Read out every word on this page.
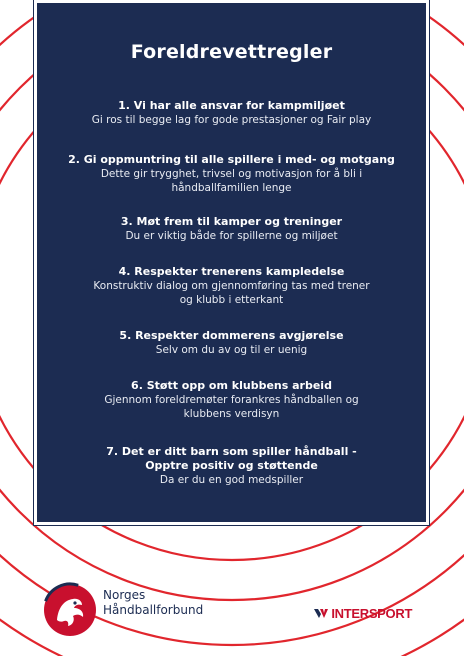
Foreldrevettregler
1. Vi har alle ansvar for kampmiljøet
Gi ros til begge lag for gode prestasjoner og Fair play
2. Gi oppmuntring til alle spillere i med- og motgang
Dette gir trygghet, trivsel og motivasjon for å bli i
håndballfamilien lenge
3. Møt frem til kamper og treninger
Du er viktig både for spillerne og miljøet
4. Respekter trenerens kampledelse
Konstruktiv dialog om gjennomføring tas med trener
og klubb i etterkant
5. Respekter dommerens avgjørelse
Selv om du av og til er uenig
6. Støtt opp om klubbens arbeid
Gjennom foreldremøter forankres håndballen og
klubbens verdisyn
7. Det er ditt barn som spiller håndball -
Opptre positiv og støttende
Da er du en god medspiller
Norges
Håndballforbund	INTERSPORT
